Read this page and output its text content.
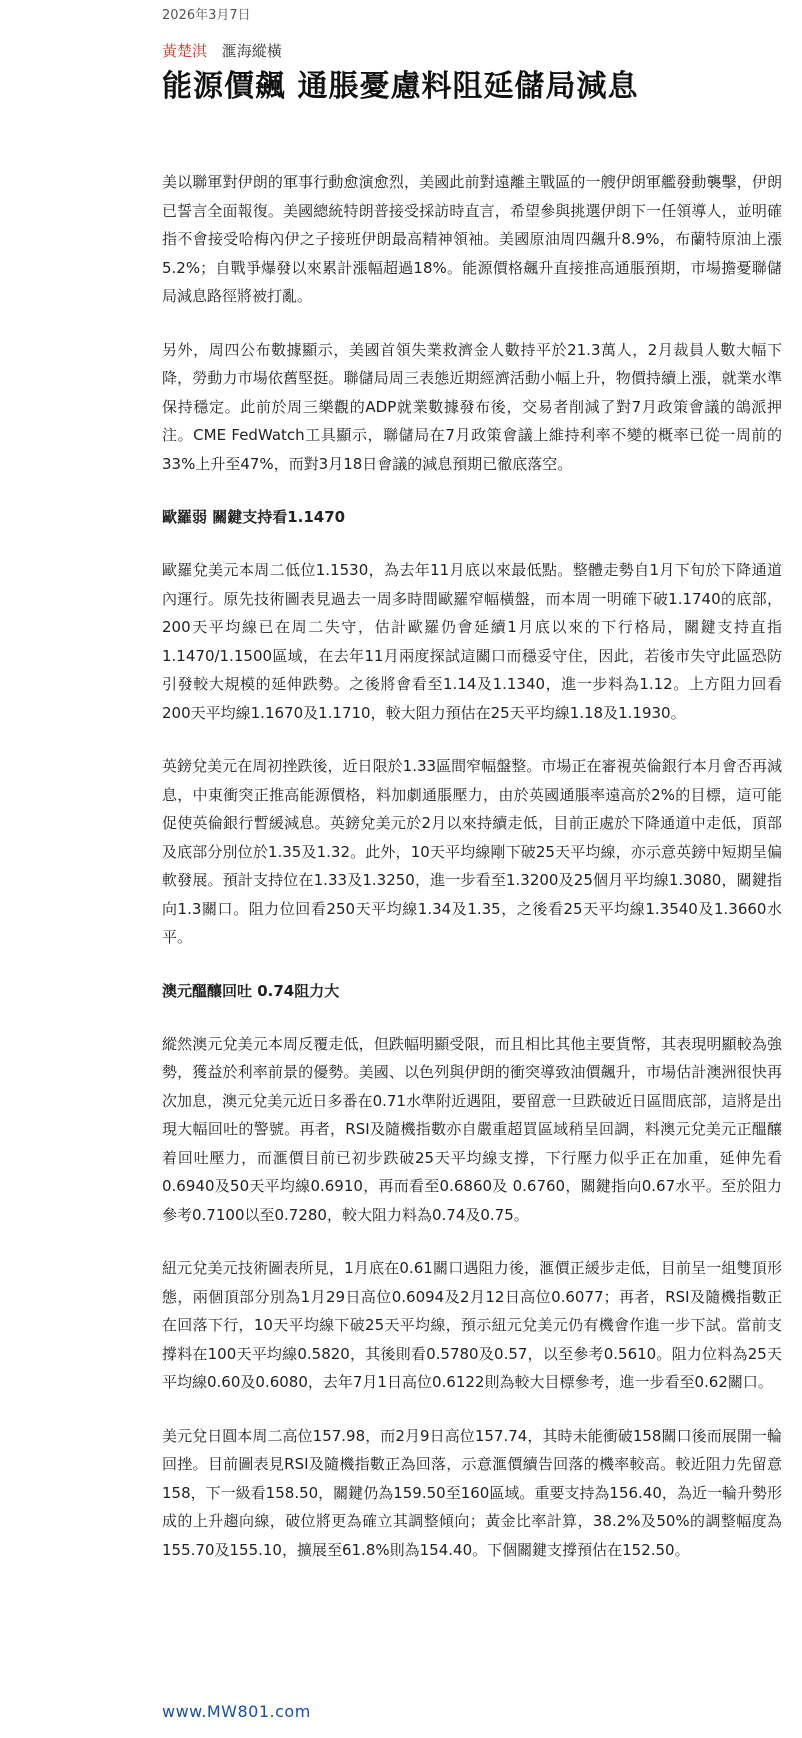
2026年3月7日
黃楚淇 滙海縱橫
能源價飆 通脹憂慮料阻延儲局減息

美以聯軍對伊朗的軍事行動愈演愈烈，美國此前對遠離主戰區的一艘伊朗軍艦發動襲擊，伊朗已誓言全面報復。美國總統特朗普接受採訪時直言，希望參與挑選伊朗下一任領導人，並明確指不會接受哈梅內伊之子接班伊朗最高精神領袖。美國原油周四飆升8.9%，布蘭特原油上漲5.2%；自戰爭爆發以來累計漲幅超過18%。能源價格飆升直接推高通脹預期，市場擔憂聯儲局減息路徑將被打亂。

另外，周四公布數據顯示，美國首領失業救濟金人數持平於21.3萬人，2月裁員人數大幅下降，勞動力市場依舊堅挺。聯儲局周三表態近期經濟活動小幅上升，物價持續上漲，就業水準保持穩定。此前於周三樂觀的ADP就業數據發布後，交易者削減了對7月政策會議的鴿派押注。CME FedWatch工具顯示，聯儲局在7月政策會議上維持利率不變的概率已從一周前的33%上升至47%，而對3月18日會議的減息預期已徹底落空。

歐羅弱 關鍵支持看1.1470

歐羅兌美元本周二低位1.1530，為去年11月底以來最低點。整體走勢自1月下旬於下降通道內運行。原先技術圖表見過去一周多時間歐羅窄幅橫盤，而本周一明確下破1.1740的底部，200天平均線已在周二失守，估計歐羅仍會延續1月底以來的下行格局，關鍵支持直指1.1470/1.1500區域，在去年11月兩度探試這關口而穩妥守住，因此，若後市失守此區恐防引發較大規模的延伸跌勢。之後將會看至1.14及1.1340，進一步料為1.12。上方阻力回看200天平均線1.1670及1.1710，較大阻力預估在25天平均線1.18及1.1930。

英鎊兌美元在周初挫跌後，近日限於1.33區間窄幅盤整。市場正在審視英倫銀行本月會否再減息，中東衝突正推高能源價格，料加劇通脹壓力，由於英國通脹率遠高於2%的目標，這可能促使英倫銀行暫緩減息。英鎊兌美元於2月以來持續走低，目前正處於下降通道中走低，頂部及底部分別位於1.35及1.32。此外，10天平均線剛下破25天平均線，亦示意英鎊中短期呈偏軟發展。預計支持位在1.33及1.3250，進一步看至1.3200及25個月平均線1.3080，關鍵指向1.3關口。阻力位回看250天平均線1.34及1.35，之後看25天平均線1.3540及1.3660水平。

澳元醞釀回吐 0.74阻力大

縱然澳元兌美元本周反覆走低，但跌幅明顯受限，而且相比其他主要貨幣，其表現明顯較為強勢，獲益於利率前景的優勢。美國、以色列與伊朗的衝突導致油價飆升，市場估計澳洲很快再次加息，澳元兌美元近日多番在0.71水準附近遇阻，要留意一旦跌破近日區間底部，這將是出現大幅回吐的警號。再者，RSI及隨機指數亦自嚴重超買區域稍呈回調，料澳元兌美元正醞釀着回吐壓力，而滙價目前已初步跌破25天平均線支撐，下行壓力似乎正在加重，延伸先看0.6940及50天平均線0.6910，再而看至0.6860及 0.6760，關鍵指向0.67水平。至於阻力參考0.7100以至0.7280，較大阻力料為0.74及0.75。

紐元兌美元技術圖表所見，1月底在0.61關口遇阻力後，滙價正緩步走低，目前呈一組雙頂形態，兩個頂部分別為1月29日高位0.6094及2月12日高位0.6077；再者，RSI及隨機指數正在回落下行，10天平均線下破25天平均線，預示紐元兌美元仍有機會作進一步下試。當前支撐料在100天平均線0.5820，其後則看0.5780及0.57，以至參考0.5610。阻力位料為25天平均線0.60及0.6080，去年7月1日高位0.6122則為較大目標參考，進一步看至0.62關口。

美元兌日圓本周二高位157.98，而2月9日高位157.74，其時未能衝破158關口後而展開一輪回挫。目前圖表見RSI及隨機指數正為回落，示意滙價續告回落的機率較高。較近阻力先留意158，下一級看158.50，關鍵仍為159.50至160區域。重要支持為156.40，為近一輪升勢形成的上升趨向線，破位將更為確立其調整傾向；黃金比率計算，38.2%及50%的調整幅度為155.70及155.10，擴展至61.8%則為154.40。下個關鍵支撐預估在152.50。

www.MW801.com
